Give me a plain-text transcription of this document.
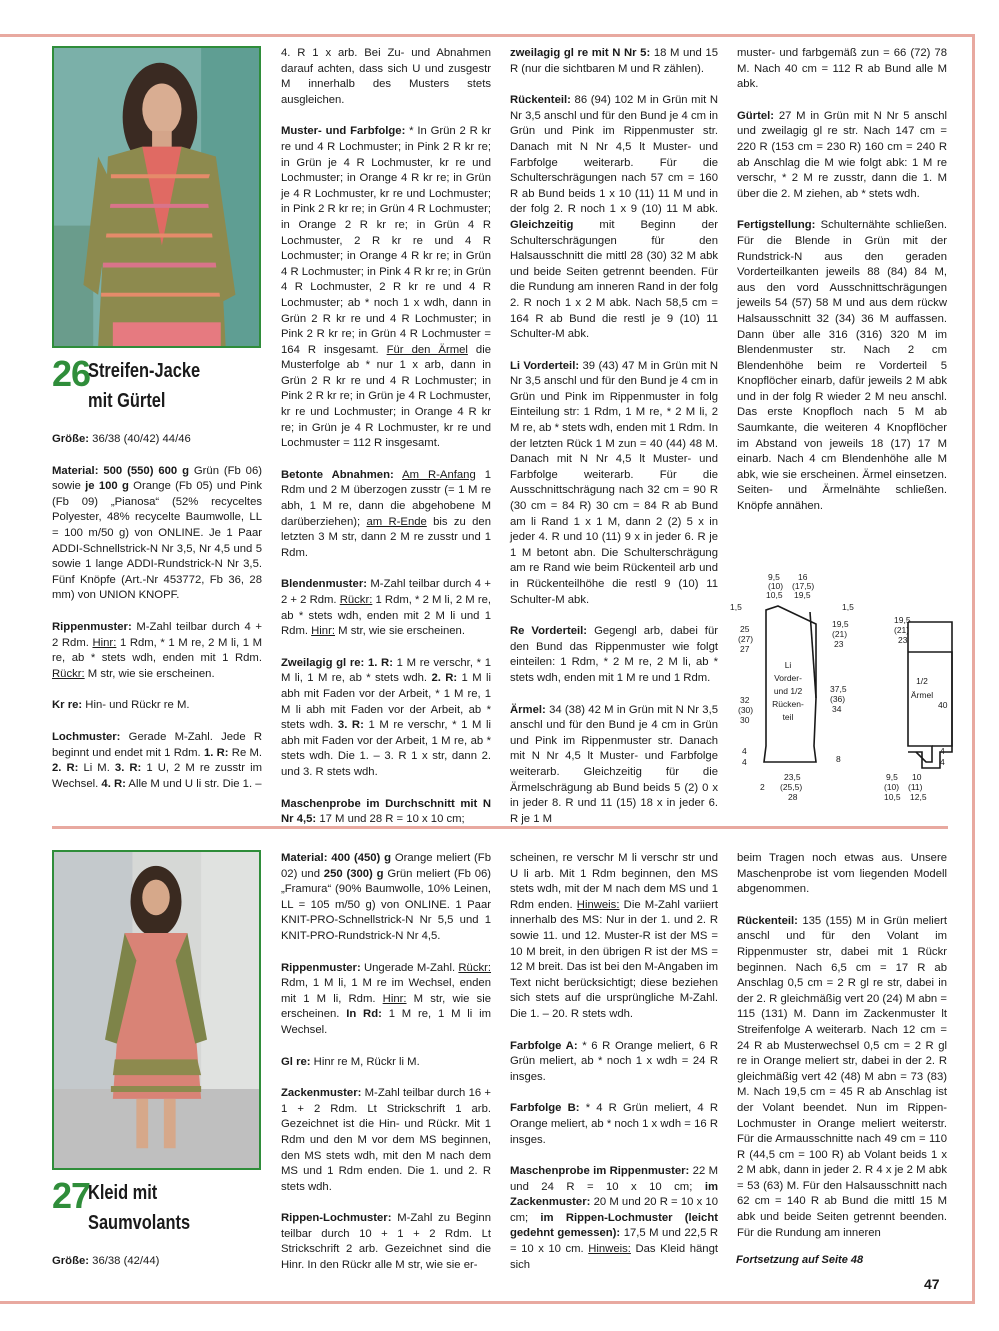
26
Streifen-Jacke
mit Gürtel

Größe: 36/38 (40/42) 44/46

Material: 500 (550) 600 g Grün (Fb 06) sowie je 100 g Orange (Fb 05) und Pink (Fb 09) „Pianosa“ (52% recyceltes Polyester, 48% recycelte Baumwolle, LL = 100 m/50 g) von ONLINE. Je 1 Paar ADDI-Schnellstrick-N Nr 3,5, Nr 4,5 und 5 sowie 1 lange ADDI-Rundstrick-N Nr 3,5. Fünf Knöpfe (Art.-Nr 453772, Fb 36, 28 mm) von UNION KNOPF.

Rippenmuster: M-Zahl teilbar durch 4 + 2 Rdm. Hinr: 1 Rdm, * 1 M re, 2 M li, 1 M re, ab * stets wdh, enden mit 1 Rdm. Rückr: M str, wie sie erscheinen.

Kr re: Hin- und Rückr re M.

Lochmuster: Gerade M-Zahl. Jede R beginnt und endet mit 1 Rdm. 1. R: Re M. 2. R: Li M. 3. R: 1 U, 2 M re zusstr im Wechsel. 4. R: Alle M und U li str. Die 1. –

4. R 1 x arb. Bei Zu- und Abnahmen darauf achten, dass sich U und zusgestr M innerhalb des Musters stets ausgleichen.

Muster- und Farbfolge: * In Grün 2 R kr re und 4 R Lochmuster; in Pink 2 R kr re; in Grün je 4 R Lochmuster, kr re und Lochmuster; in Orange 4 R kr re; in Grün je 4 R Lochmuster, kr re und Lochmuster; in Pink 2 R kr re; in Grün 4 R Lochmuster; in Orange 2 R kr re; in Grün 4 R Lochmuster, 2 R kr re und 4 R Lochmuster; in Orange 4 R kr re; in Grün 4 R Lochmuster; in Pink 4 R kr re; in Grün 4 R Lochmuster, 2 R kr re und 4 R Lochmuster; ab * noch 1 x wdh, dann in Grün 2 R kr re und 4 R Lochmuster; in Pink 2 R kr re; in Grün 4 R Lochmuster = 164 R insgesamt. Für den Ärmel die Musterfolge ab * nur 1 x arb, dann in Grün 2 R kr re und 4 R Lochmuster; in Pink 2 R kr re; in Grün je 4 R Lochmuster, kr re und Lochmuster; in Orange 4 R kr re; in Grün je 4 R Lochmuster, kr re und Lochmuster = 112 R insgesamt.

Betonte Abnahmen: Am R-Anfang 1 Rdm und 2 M überzogen zusstr (= 1 M re abh, 1 M re, dann die abgehobene M darüberziehen); am R-Ende bis zu den letzten 3 M str, dann 2 M re zusstr und 1 Rdm.

Blendenmuster: M-Zahl teilbar durch 4 + 2 + 2 Rdm. Rückr: 1 Rdm, * 2 M li, 2 M re, ab * stets wdh, enden mit 2 M li und 1 Rdm. Hinr: M str, wie sie erscheinen.

Zweilagig gl re: 1. R: 1 M re verschr, * 1 M li, 1 M re, ab * stets wdh. 2. R: 1 M li abh mit Faden vor der Arbeit, * 1 M re, 1 M li abh mit Faden vor der Arbeit, ab * stets wdh. 3. R: 1 M re verschr, * 1 M li abh mit Faden vor der Arbeit, 1 M re, ab * stets wdh. Die 1. – 3. R 1 x str, dann 2. und 3. R stets wdh.

Maschenprobe im Durchschnitt mit N Nr 4,5: 17 M und 28 R = 10 x 10 cm;

zweilagig gl re mit N Nr 5: 18 M und 15 R (nur die sichtbaren M und R zählen).

Rückenteil: 86 (94) 102 M in Grün mit N Nr 3,5 anschl und für den Bund je 4 cm in Grün und Pink im Rippenmuster str. Danach mit N Nr 4,5 lt Muster- und Farbfolge weiterarb. Für die Schulterschrägungen nach 57 cm = 160 R ab Bund beids 1 x 10 (11) 11 M und in der folg 2. R noch 1 x 9 (10) 11 M abk. Gleichzeitig mit Beginn der Schulterschrägungen für den Halsausschnitt die mittl 28 (30) 32 M abk und beide Seiten getrennt beenden. Für die Rundung am inneren Rand in der folg 2. R noch 1 x 2 M abk. Nach 58,5 cm = 164 R ab Bund die restl je 9 (10) 11 Schulter-M abk.

Li Vorderteil: 39 (43) 47 M in Grün mit N Nr 3,5 anschl und für den Bund je 4 cm in Grün und Pink im Rippenmuster in folg Einteilung str: 1 Rdm, 1 M re, * 2 M li, 2 M re, ab * stets wdh, enden mit 1 Rdm. In der letzten Rück 1 M zun = 40 (44) 48 M. Danach mit N Nr 4,5 lt Muster- und Farbfolge weiterarb. Für die Ausschnittschrägung nach 32 cm = 90 R (30 cm = 84 R) 30 cm = 84 R ab Bund am li Rand 1 x 1 M, dann 2 (2) 5 x in jeder 4. R und 10 (11) 9 x in jeder 6. R je 1 M betont abn. Die Schulterschrägung am re Rand wie beim Rückenteil arb und in Rückenteilhöhe die restl 9 (10) 11 Schulter-M abk.

Re Vorderteil: Gegengl arb, dabei für den Bund das Rippenmuster wie folgt einteilen: 1 Rdm, * 2 M re, 2 M li, ab * stets wdh, enden mit 1 M re und 1 Rdm.

Ärmel: 34 (38) 42 M in Grün mit N Nr 3,5 anschl und für den Bund je 4 cm in Grün und Pink im Rippenmuster str. Danach mit N Nr 4,5 lt Muster- und Farbfolge weiterarb. Gleichzeitig für die Ärmelschrägung ab Bund beids 5 (2) 0 x in jeder 8. R und 11 (15) 18 x in jeder 6. R je 1 M

muster- und farbgemäß zun = 66 (72) 78 M. Nach 40 cm = 112 R ab Bund alle M abk.

Gürtel: 27 M in Grün mit N Nr 5 anschl und zweilagig gl re str. Nach 147 cm = 220 R (153 cm = 230 R) 160 cm = 240 R ab Anschlag die M wie folgt abk: 1 M re verschr, * 2 M re zusstr, dann die 1. M über die 2. M ziehen, ab * stets wdh.

Fertigstellung: Schulternähte schließen. Für die Blende in Grün mit der Rundstrick-N aus den geraden Vorderteilkanten jeweils 88 (84) 84 M, aus den vord Ausschnittschrägungen jeweils 54 (57) 58 M und aus dem rückw Halsausschnitt 32 (34) 36 M auffassen. Dann über alle 316 (316) 320 M im Blendenmuster str. Nach 2 cm Blendenhöhe beim re Vorderteil 5 Knopflöcher einarb, dafür jeweils 2 M abk und in der folg R wieder 2 M neu anschl. Das erste Knopfloch nach 5 M ab Saumkante, die weiteren 4 Knopflöcher im Abstand von jeweils 18 (17) 17 M einarb. Nach 4 cm Blendenhöhe alle M abk, wie sie erscheinen. Ärmel einsetzen. Seiten- und Ärmelnähte schließen. Knöpfe annähen.

Li
Vorder-
und 1/2
Rücken-
teil
1/2
Ärmel
9,5
(10)
10,5
16
(17,5)
19,5
1,5	1,5
25
(27)
27
19,5
(21)
23
32
(30)
30
37,5
(36)
34
4
4	8
2
23,5
(25,5)
28
19,5
(21)
23
40
4
4
9,5
(10)
10,5
10
(11)
12,5
27
Kleid mit
Saumvolants

Größe: 36/38 (42/44)

Material: 400 (450) g Orange meliert (Fb 02) und 250 (300) g Grün meliert (Fb 06) „Framura“ (90% Baumwolle, 10% Leinen, LL = 105 m/50 g) von ONLINE. 1 Paar KNIT-PRO-Schnellstrick-N Nr 5,5 und 1 KNIT-PRO-Rundstrick-N Nr 4,5.

Rippenmuster: Ungerade M-Zahl. Rückr: Rdm, 1 M li, 1 M re im Wechsel, enden mit 1 M li, Rdm. Hinr: M str, wie sie erscheinen. In Rd: 1 M re, 1 M li im Wechsel.

Gl re: Hinr re M, Rückr li M.

Zackenmuster: M-Zahl teilbar durch 16 + 1 + 2 Rdm. Lt Strickschrift 1 arb. Gezeichnet ist die Hin- und Rückr. Mit 1 Rdm und den M vor dem MS beginnen, den MS stets wdh, mit den M nach dem MS und 1 Rdm enden. Die 1. und 2. R stets wdh.

Rippen-Lochmuster: M-Zahl zu Beginn teilbar durch 10 + 1 + 2 Rdm. Lt Strickschrift 2 arb. Gezeichnet sind die Hinr. In den Rückr alle M str, wie sie er-

scheinen, re verschr M li verschr str und U li arb. Mit 1 Rdm beginnen, den MS stets wdh, mit der M nach dem MS und 1 Rdm enden. Hinweis: Die M-Zahl variiert innerhalb des MS: Nur in der 1. und 2. R sowie 11. und 12. Muster-R ist der MS = 10 M breit, in den übrigen R ist der MS = 12 M breit. Das ist bei den M-Angaben im Text nicht berücksichtigt; diese beziehen sich stets auf die ursprüngliche M-Zahl. Die 1. – 20. R stets wdh.

Farbfolge A: * 6 R Orange meliert, 6 R Grün meliert, ab * noch 1 x wdh = 24 R insges.

Farbfolge B: * 4 R Grün meliert, 4 R Orange meliert, ab * noch 1 x wdh = 16 R insges.

Maschenprobe im Rippenmuster: 22 M und 24 R = 10 x 10 cm; im Zackenmuster: 20 M und 20 R = 10 x 10 cm; im Rippen-Lochmuster (leicht gedehnt gemessen): 17,5 M und 22,5 R = 10 x 10 cm. Hinweis: Das Kleid hängt sich

beim Tragen noch etwas aus. Unsere Maschenprobe ist vom liegenden Modell abgenommen.

Rückenteil: 135 (155) M in Grün meliert anschl und für den Volant im Rippenmuster str, dabei mit 1 Rückr beginnen. Nach 6,5 cm = 17 R ab Anschlag 0,5 cm = 2 R gl re str, dabei in der 2. R gleichmäßig vert 20 (24) M abn = 115 (131) M. Dann im Zackenmuster lt Streifenfolge A weiterarb. Nach 12 cm = 24 R ab Musterwechsel 0,5 cm = 2 R gl re in Orange meliert str, dabei in der 2. R gleichmäßig vert 42 (48) M abn = 73 (83) M. Nach 19,5 cm = 45 R ab Anschlag ist der Volant beendet. Nun im Rippen-Lochmuster in Orange meliert weiterstr. Für die Armausschnitte nach 49 cm = 110 R (44,5 cm = 100 R) ab Volant beids 1 x 2 M abk, dann in jeder 2. R 4 x je 2 M abk = 53 (63) M. Für den Halsausschnitt nach 62 cm = 140 R ab Bund die mittl 15 M abk und beide Seiten getrennt beenden. Für die Rundung am inneren

Fortsetzung auf Seite 48
47
